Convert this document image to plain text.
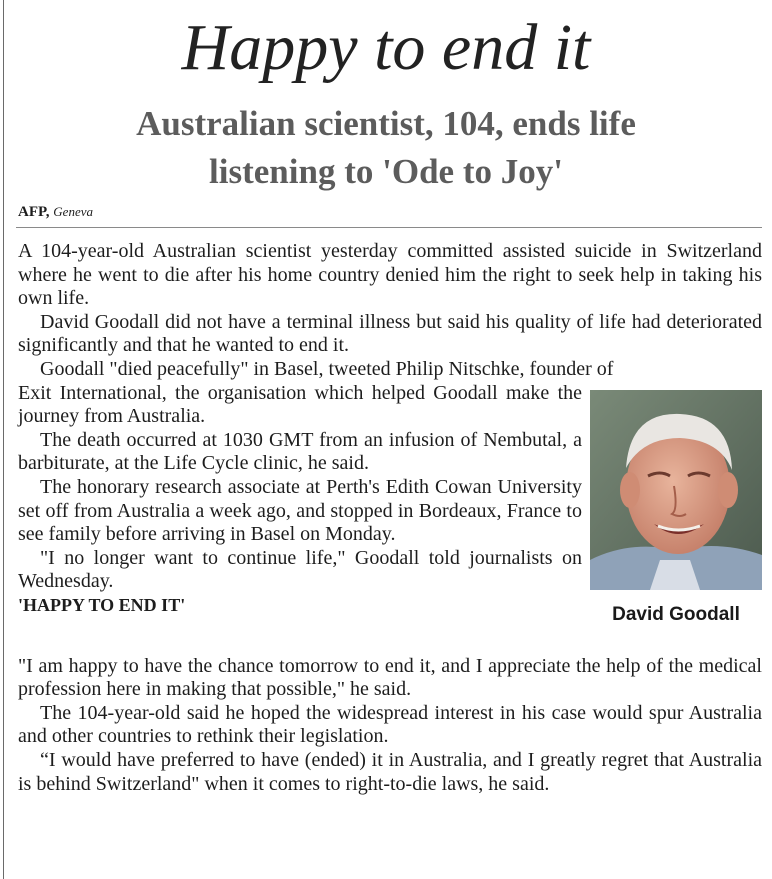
Happy to end it
Australian scientist, 104, ends life
listening to 'Ode to Joy'
AFP, Geneva

A 104-year-old Australian scientist yesterday committed assisted suicide in Switzerland where he went to die after his home country denied him the right to seek help in taking his own life.

David Goodall did not have a terminal illness but said his quality of life had deteriorated significantly and that he wanted to end it.

Goodall "died peacefully" in Basel, tweeted Philip Nitschke, founder of

David Goodall

Exit International, the organisation which helped Goodall make the journey from Australia.

The death occurred at 1030 GMT from an infusion of Nembutal, a barbiturate, at the Life Cycle clinic, he said.

The honorary research associate at Perth's Edith Cowan University set off from Australia a week ago, and stopped in Bordeaux, France to see family before arriving in Basel on Monday.

"I no longer want to continue life," Goodall told journalists on Wednesday.

'HAPPY TO END IT'

"I am happy to have the chance tomorrow to end it, and I appreciate the help of the medical profession here in making that possible," he said.

The 104-year-old said he hoped the widespread interest in his case would spur Australia and other countries to rethink their legislation.

“I would have preferred to have (ended) it in Australia, and I greatly regret that Australia is behind Switzerland" when it comes to right-to-die laws, he said.
